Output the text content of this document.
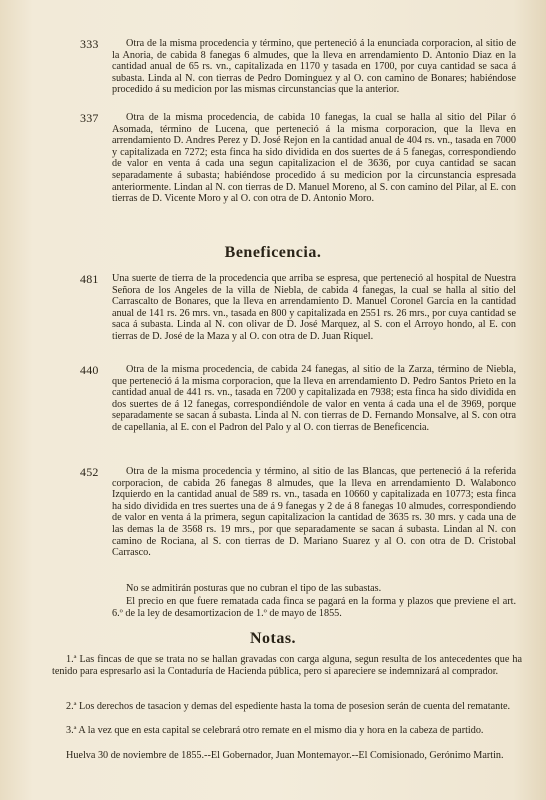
333	Otra de la misma procedencia y término, que perteneció á la enunciada corporacion, al sitio de la Anoria, de cabida 8 fanegas 6 almudes, que la lleva en arrendamiento D. Antonio Diaz en la cantidad anual de 65 rs. vn., capitalizada en 1170 y tasada en 1700, por cuya cantidad se saca á subasta. Linda al N. con tierras de Pedro Dominguez y al O. con camino de Bonares; habiéndose procedido á su medicion por las mismas circunstancias que la anterior.

337	Otra de la misma procedencia, de cabida 10 fanegas, la cual se halla al sitio del Pilar ó Asomada, término de Lucena, que perteneció á la misma corporacion, que la lleva en arrendamiento D. Andres Perez y D. José Rejon en la cantidad anual de 404 rs. vn., tasada en 7000 y capitalizada en 7272; esta finca ha sido dividida en dos suertes de á 5 fanegas, correspondiendo de valor en venta á cada una segun capitalizacion el de 3636, por cuya cantidad se sacan separadamente á subasta; habiéndose procedido á su medicion por la circunstancia espresada anteriormente. Lindan al N. con tierras de D. Manuel Moreno, al S. con camino del Pilar, al E. con tierras de D. Vicente Moro y al O. con otra de D. Antonio Moro.

Beneficencia.
481	Una suerte de tierra de la procedencia que arriba se espresa, que perteneció al hospital de Nuestra Señora de los Angeles de la villa de Niebla, de cabida 4 fanegas, la cual se halla al sitio del Carrascalto de Bonares, que la lleva en arrendamiento D. Manuel Coronel Garcia en la cantidad anual de 141 rs. 26 mrs. vn., tasada en 800 y capitalizada en 2551 rs. 26 mrs., por cuya cantidad se saca á subasta. Linda al N. con olivar de D. José Marquez, al S. con el Arroyo hondo, al E. con tierras de D. José de la Maza y al O. con otra de D. Juan Riquel.

440	Otra de la misma procedencia, de cabida 24 fanegas, al sitio de la Zarza, término de Niebla, que perteneció á la misma corporacion, que la lleva en arrendamiento D. Pedro Santos Prieto en la cantidad anual de 441 rs. vn., tasada en 7200 y capitalizada en 7938; esta finca ha sido dividida en dos suertes de á 12 fanegas, correspondiéndole de valor en venta á cada una el de 3969, porque separadamente se sacan á subasta. Linda al N. con tierras de D. Fernando Monsalve, al S. con otra de capellania, al E. con el Padron del Palo y al O. con tierras de Beneficencia.

452	Otra de la misma procedencia y término, al sitio de las Blancas, que perteneció á la referida corporacion, de cabida 26 fanegas 8 almudes, que la lleva en arrendamiento D. Walabonco Izquierdo en la cantidad anual de 589 rs. vn., tasada en 10660 y capitalizada en 10773; esta finca ha sido dividida en tres suertes una de á 9 fanegas y 2 de á 8 fanegas 10 almudes, correspondiendo de valor en venta á la primera, segun capitalizacion la cantidad de 3635 rs. 30 mrs. y cada una de las demas la de 3568 rs. 19 mrs., por que separadamente se sacan á subasta. Lindan al N. con camino de Rociana, al S. con tierras de D. Mariano Suarez y al O. con otra de D. Cristobal Carrasco.

No se admitirán posturas que no cubran el tipo de las subastas.

El precio en que fuere rematada cada finca se pagará en la forma y plazos que previene el art. 6.º de la ley de desamortizacion de 1.º de mayo de 1855.

Notas.

1.ª Las fincas de que se trata no se hallan gravadas con carga alguna, segun resulta de los antecedentes que ha tenido para espresarlo asi la Contaduría de Hacienda pública, pero si apareciere se indemnizará al comprador.

2.ª Los derechos de tasacion y demas del espediente hasta la toma de posesion serán de cuenta del rematante.

3.ª A la vez que en esta capital se celebrará otro remate en el mismo dia y hora en la cabeza de partido.

Huelva 30 de noviembre de 1855.--El Gobernador, Juan Montemayor.--El Comisionado, Gerónimo Martin.
